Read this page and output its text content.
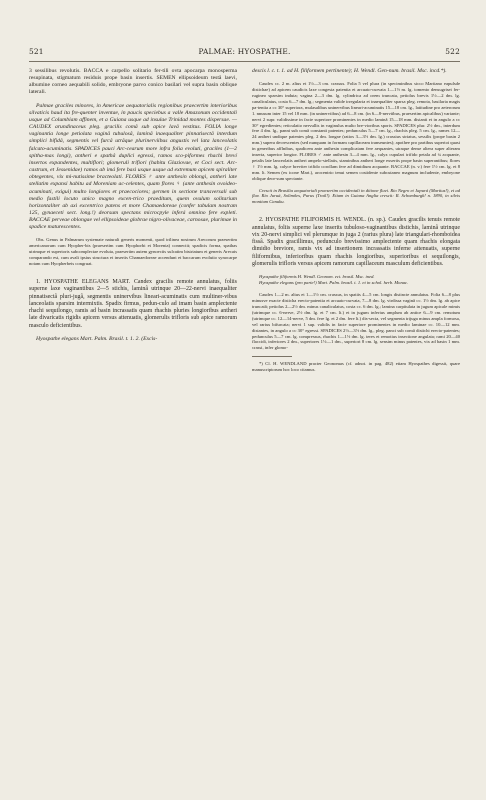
521	PALMAE: HYOSPATHE.	522

3 sessilibus revolutis. BACCA e carpello solitario fer-tili ovta apocarpa monosperma resupinata, stigmatum residuis prope basin insertis. SEMEN ellipsoideum testâ laevi, albumine corneo aequabili solido, embryone parvo conico basilari vel supra basin oblique laterali.

Palmae graciles minores, in Americae aequatorialis regionibus praecertim interioribus silvaticis haud ita fre-quenter inventae, in paucis speciebus a valle Amazonum occidentali usque ad Columbiam affinem, et a Guiana usque ad insulae Trinidad montes dispersae. — CAUDEX arundinaceus pleg. gracilis comâ sub apice lavâ vestitus. FOLIA longe vaginantia longe petiolata vaginâ tubulosâ, laminâ inaequaliter pinnatisectâ interdum simplici bifidâ, segmentis vel furcâ utrâque plurinerviibus angustis vel lata lanceolatis falcato-acuminatis. SPADICES pauci Arc-cearum more infra folia evoluti, graciles (1—2 spitha-mas longi), antheri e spathâ duplici egressi, ramos sco-piformes rhachi breví insertos expandentes, multiflori; glomeruli trifiori (habitu Glaziovae, et Coci sect. Arc-castrum, et Jessenidae) ramos ab imá fere basi usque usque ad extremum apicem spiraliter obtegentes, vix mi-nutissime bracteolati. FLORES ♂ ante anthesin oblongi, antheri late stellatim expansi habitu ad Moreniam ac-celentes, quam flores ♀ (ante anthesin ovoideo-acuminati, exigui) multo longiores et praecociores; germen in sectione transversali sub medio fastili locuto unico magno excen-trico praeditum, quem ovulum solitarium horizontaliter ab axi excentrico patens et more Chamaedoreae (confer tabulam nostram 125, gynaeceti sect. long.!) deorsum spectans microcpyle inferá omnino fere expleti. BACCAE perveae oblongae vel ellipsoideae globrae nigro-olivaceae, carnosae, plurimae in spadice maturescentes.

Obs. Genus in Palmarum systemate naturali generis momenti, quod trilinea nostrum Arecorum praesertim americanorum cum Hyopher-bis (praesertim cum Hyophorbi et Morenia) connectit; spadicis forma, spathas utrimque et superioris subcomplectae evoluta, praesertim autem gynoeciis sulcatim bistriatum et generis Arecais comparando est, cum avali ipsius structura et insertis Chamaedoreae accendunt et baccarum evolutio synocarpe notam cum Hyopherbeis congruat.

1. HYOSPATHE ELEGANS MART. Candex gracilis remote annulatus, foliis superne laxe vaginantibus 2—5 stichis, laminâ utrinque 20—22-nervi inaequaliter pinnatisectâ pluri-jugâ, segmentis uninervibus lineari-acuminatis cum multiner-vibus lanceolatis sparsim intermixtis. Spadix firmus, pedun-culo ad imam basin amplectente rhachi sequilongo, ramis ad basin incrassatis quam rhachis pluries longioribus antheri late divaricatis rigidis apicem versus attenuatis, glomerulis trifloris sub apice ramorum masculo deficientibus.

Hyospathe elegans Mart. Palm. Brasil. t. 1. 2. (Excis-

descis l. c. t. 1. ad H. filiformem pertinente); H. Wendl. Gen-num. brasil. Msc. incd.*).

Caudex cc. 2 m. altus et 1½—3 cm. crassus. Folia 5 vel plura (in speciminibus sicco Martiano eapulsde distichae) ad apicem caudicis laxe congesta patentia et arcuato-curvata 1—1½ m. lg. tomento densugrisei fer-rugineo sparsim induta; vagina 2—3 dm. lg. cylindrica ad orem truncata, petiolus brevis 1½—2 dm. lg. canaliculatus, costa 6—7 dm. lg.; segmenta valide irregularia et inaequaliter sparsa pleg. remota, basilaria magis pa-tentia a cc 30° superiora, mulasalibus uninervibus lineari-acuminatis 15—18 cm. lg., latitudine pro aeterorum 1. nnusum inter 15 vel 18 mm. (in uninerviibus) ad 6—8 cm. (in 6—8-nerviibus, praesertim apicalibus) variante; nervi 2 supr. validissime in facie superiore prominentes in medio laminâ 15—18 mm. distanti et in angulo a cc 30° egredientes; reticulatio nervullis in vaginulus multo bre-vioribus sporis. SPADICES plur. 2½ dm., interdum fere 4 dm. lg., panni sub comâ constanti patentes; pedunculus 5—7 cm. lg., rhachis pleg. 5 cm. lg., rames 12—24 antheri undique patentes pleg. 2 dm. longae (ratios 3—3½ dm. lg.) crassius striatus, sessilis (prope basin 2 mm.) supera decrescentes (sed nunquam in formam capillaceam transeuntes); apothee pro partibus superioi quasi in generibus afflnibus, spadicem ante anthesin complicatam fere aequantes, utraque dense altera super alteram inserta, superior longior. FLORES ♂ ante anthesin 3—4 mm. lg., calyx cupulari trifido petala ad ¼ acquante, petalis late lanceolatis antheri ampelo-stellatis, staminibus antheri longe exsertis prope basin superantibus; flores ♀ 1½ mm. lg. calyce breviter trifido corollam fere ad dimidium acquante. BACCAE (n. v.) fere 1½ cm. lg. et 8 mm. lt. Semen (ex icone Mart.), arocentrio tenui semen costidente subcutaneo magnum includente, embryone oblique deor-sum spectante.

Crescit in Brasilia aequatoriali praesertim occidentali in ditione fluvi. Rio Negro et Japurá (Martius!), et ad fluv. Rio Juruá, Solimões, Purus (Trail!). Etiam in Guiana Anglia crescit: R. Schomburgk! n. 1890, in silvis montium Canuku.

2. HYOSPATHE FILIFORMIS H. WENDL. (n. sp.). Caudex gracilis tenuis remote annulatus, foliis superne laxe inserits tubuloso-vaginantibus distichis, laminâ utrinque vix 20-nervi simplici vel plerumque in juga 2 (rarius plura) late triangulari-rhomboidea fissâ. Spadix gracillimus, pedunculo brevissimo amplectente quam rhachis elongata dimidio breviore, ramis vix ad insertionem incrassatis inferne attenuatis, superne filiformibus, inferioribus quam rhachis longioribus, superioribus ei sequilongis, glomerulis trifloris versus apicem ramorum capillaceum masculum deficientibus.

Hyospathe filiformis H. Wendl. Geonom. ect. brasil. Msc. ined.

Hyospathe elegans (pro parte!) Mart. Palm. brasil. t. 1. et in schol. herb. Monac.

Caudex 1—2 m. altus et 1—1½ cm. crassus, in spatiis 4—5 cm. longis distincte annulatus. Folia 6—8 plus minusve exacte disticha erecto-patentia et arcuato-curvata, 7—8 dm. lg. virdissa vaginâ cc. 1½ dm. lg. ab apice truncatâ; petiolus 2—2½ dm. minus canaliculatus, costa cc. 6 dm. lg.; lamina carpitulata in jugum apicale mimis (utrimque cc. 6-nerve, 2½ dm. lg. et 7 cm. lt.) et in jugum inferius amplum ab antice 6—9 cm. remotum (utrimque cc. 12—14-nerve, 5 dm. fere lg. et 2 dm. fere lt.) dis-secta, vel segmenta trijuga minus ampla formosa, vel rarius bifurcata; nervi 1 sup. validis in facie superiore prominentes in medio laminae cc. 10—12 mm. distantes, in angulo a cc 30° egressi. SPADICES 2½—3½ dm. lg., pleg. panci sub comâ distichi erecto-patentes; pedunculus 5—7 cm. lg. compressus, rhachis 1—1½ dm. lg. teres et remotius insectione angulata; rami 20—40 flaccidi, inferiores 2 dm., superiores 1½—1 dm., superiori 8 cm. lg. sensim minus patentes, vix ad basin 1 mm. crassi, infer glomo-

*) Cl. H. WENDLAND practer Geonomas (cf. adnot. in pag. 482) etiam Hyospathes digessit, quare manuscriptorum hoc loco citamus.
